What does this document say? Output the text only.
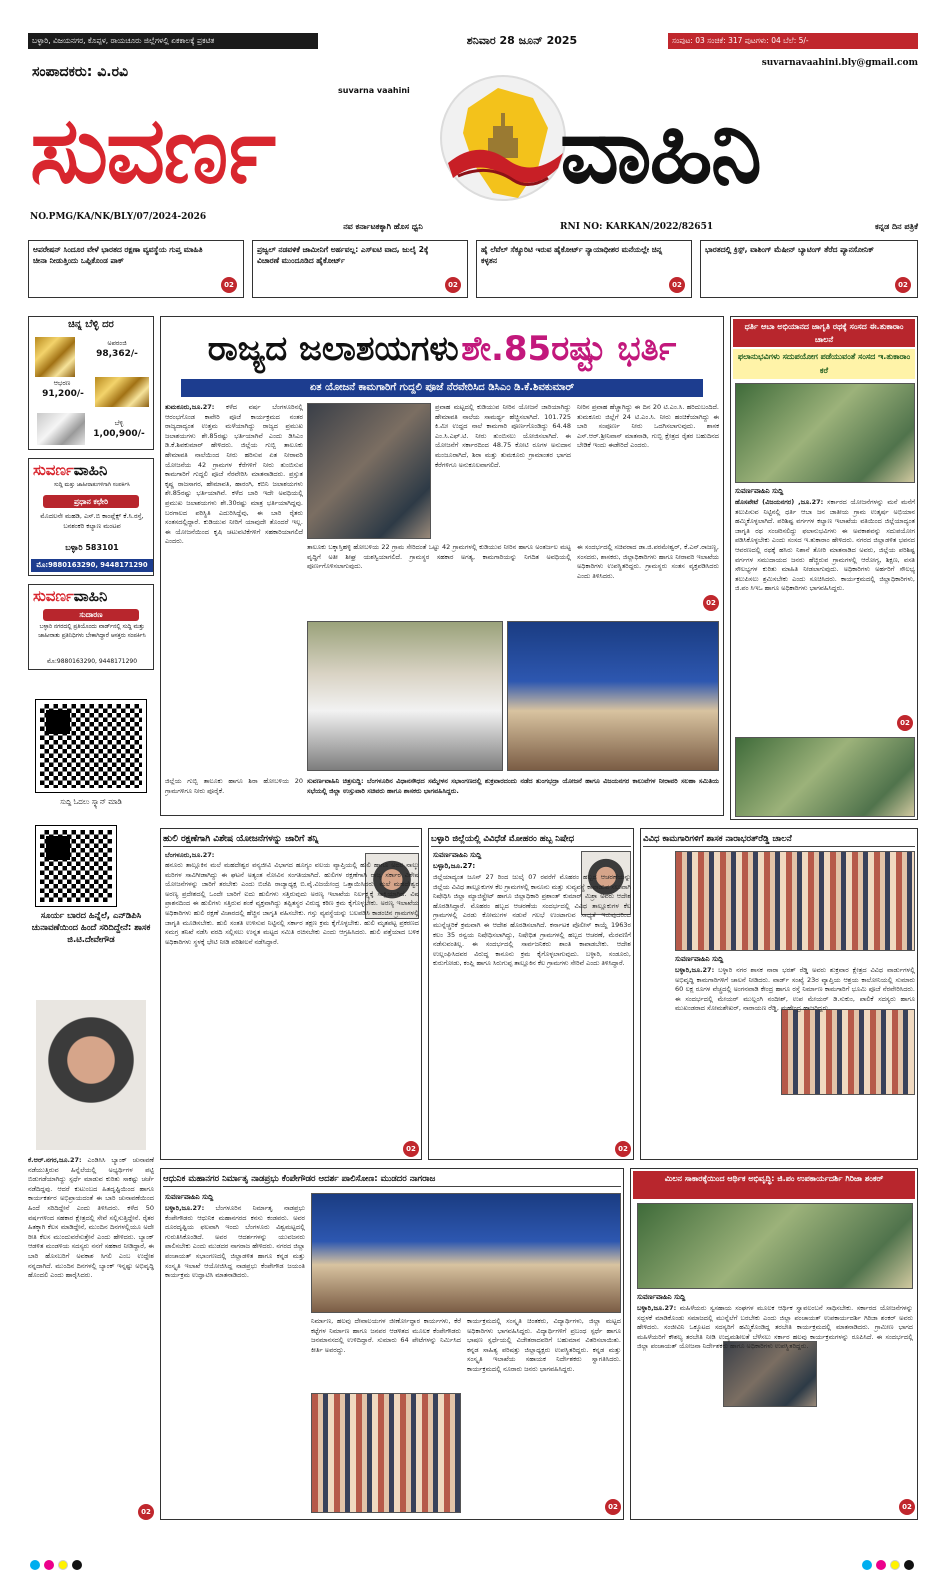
ಬಳ್ಳಾರಿ, ವಿಜಯನಗರ, ಕೊಪ್ಪಳ, ರಾಯಚೂರು ಜಿಲ್ಲೆಗಳಲ್ಲಿ ಏಕಕಾಲಕ್ಕೆ ಪ್ರಕಟಿತ	ಶನಿವಾರ 28 ಜೂನ್ 2025	ಸಂಪುಟ: 03 ಸಂಚಿಕೆ: 317 ಪುಟಗಳು: 04 ಬೆಲೆ: 5/-
suvarnavaahini.bly@gmail.com
ಸಂಪಾದಕರು: ವಿ.ರವಿ
suvarna vaahini
ಸುವರ್ಣ	ವಾಹಿನಿ
NO.PMG/KA/NK/BLY/07/2024-2026
ನವ ಕರ್ನಾಟಕಕ್ಕಾಗಿ ಹೊಸ ಧ್ವನಿ	RNI NO: KARKAN/2022/82651	ಕನ್ನಡ ದಿನ ಪತ್ರಿಕೆ
ಆಪರೇಷನ್ ಸಿಂದೂರ ವೇಳೆ ಭಾರತದ ರಕ್ಷಣಾ ವ್ಯವಸ್ಥೆಯ ಗುಪ್ತ ಮಾಹಿತಿ ಚೀನಾ ನೀಡುತ್ತಿಂದು ಒಪ್ಪಿಕೊಂಡ ಪಾಕ್
02
ಪ್ರಜ್ವಲ್ ನಡವಳಿಕೆ ಜಾಮೀನಿಗೆ ಅರ್ಹವಲ್ಲ: ಎಸ್‌ಐಟಿ ವಾದ, ಜುಲೈ 2ಕ್ಕೆ ವಿಚಾರಣೆ ಮುಂದೂಡಿದ ಹೈಕೋರ್ಟ್
02
ಹೈ ಲೆವೆಲ್ ಸೆಕ್ಯೂರಿಟಿ ಇರುವ ಹೈಕೋರ್ಟ್ ನ್ಯಾಯಾಧೀಶರ ಮನೆಯಲ್ಲೇ ಚಿನ್ನ ಕಳ್ಳತನ
02
ಭಾರತದಲ್ಲಿ ಕ್ರಿಸ್ಪ್, ವಾಶಿಂಗ್ ಮೆಷೀನ್ ಬ್ಯಾಟಿಂಗ್ ತೆರೆದ ಪ್ಯಾನಸೋನಿಕ್
02
ಚಿನ್ನ ಬೆಳ್ಳಿ ದರ
ಅಪರಂಜಿ
98,362/-
ಆಭರಣ
91,200/-
ಬೆಳ್ಳಿ
1,00,900/-
ಸುವರ್ಣವಾಹಿನಿ
ಸುದ್ದಿ ಮತ್ತು ಜಾಹೀರಾತುಗಳಿಗಾಗಿ ಸಂಪರ್ಕಿಸಿ
ಪ್ರಧಾನ ಕಛೇರಿ
ಮೊದಲನೇ ಮಹಡಿ, ಎಸ್.ಬಿ ಕಾಂಪ್ಲೆಕ್ಸ್ ಕೆ.ಸಿ.ರಸ್ತೆ, ಬನಶಂಕರಿ ಕಲ್ಯಾಣ ಮಂಟಪ
ಬಳ್ಳಾರಿ 583101
ಮೊ:9880163290, 9448171290
ಸುವರ್ಣವಾಹಿನಿ
ಸುದಾರಣ
ಬಳ್ಳಾರಿ ನಗರದಲ್ಲಿ ಪ್ರತಿಯೊಂದು ವಾರ್ಡ್‌ನಲ್ಲಿ ಸುದ್ದಿ ಮತ್ತು ಜಾಹೀರಾತು ಪ್ರತಿನಿಧಿಗಳು ಬೇಕಾಗಿದ್ದಾರೆ ಆಸಕ್ತರು ಸಂಪರ್ಕಿಸಿ
ಮೊ:9880163290, 9448171290
ಸುದ್ದಿ ಓದಲು ಸ್ಕ್ಯಾನ್ ಮಾಡಿ
ಸೂರ್ಯ ಬಾರದ ಹಿನ್ನೆಲೆ, ಎನ್‌ಡಿಪಿಸಿ ಚುನಾವಣೆಯಿಂದ ಹಿಂದೆ ಸರಿದಿದ್ದೇನೆ: ಶಾಸಕ ಜಿ.ಟಿ.ದೇವೇಗೌಡ
ಕೆ.ಆರ್.ನಗರ,ಜೂ.27: ಎಂಡಿಸಿಸಿ ಬ್ಯಾಂಕ್ ಚುನಾವಣೆ ನಡೆಯುತ್ತಿರುವ ಹಿನ್ನೆಲೆಯಲ್ಲಿ ಅಭ್ಯರ್ಥಿಗಳ ಪಟ್ಟಿ ಬಿಡುಗಡೆಯಾಗಿದ್ದು ಸ್ಪರ್ಧೆ ಮಾಡುವ ಕುರಿತು ಸಾಕಷ್ಟು ಚರ್ಚೆ ನಡೆದಿದ್ದವು. ಆದರೆ ಕುಟುಂಬದ ಹಿತದೃಷ್ಟಿಯಿಂದ ಹಾಗೂ ಕಾರ್ಯಕರ್ತರ ಅಭಿಪ್ರಾಯದಂತೆ ಈ ಬಾರಿ ಚುನಾವಣೆಯಿಂದ ಹಿಂದೆ ಸರಿದಿದ್ದೇನೆ ಎಂದು ತಿಳಿಸಿದರು. ಕಳೆದ 50 ವರ್ಷಗಳಿಂದ ಸಹಕಾರ ಕ್ಷೇತ್ರದಲ್ಲಿ ಸೇವೆ ಸಲ್ಲಿಸುತ್ತಿದ್ದೇನೆ. ರೈತರ ಹಿತಕ್ಕಾಗಿ ಕೆಲಸ ಮಾಡಿದ್ದೇನೆ, ಮುಂದಿನ ದಿನಗಳಲ್ಲಿಯೂ ಅದೇ ರೀತಿ ಕೆಲಸ ಮುಂದುವರೆಸುತ್ತೇನೆ ಎಂದು ಹೇಳಿದರು. ಬ್ಯಾಂಕ್ ಆಡಳಿತ ಮಂಡಳಿಯ ಸದಸ್ಯರು ನನಗೆ ಸಹಕಾರ ನೀಡಿದ್ದಾರೆ, ಈ ಬಾರಿ ಹೊಸಬರಿಗೆ ಅವಕಾಶ ಸಿಗಲಿ ಎಂಬ ಉದ್ದೇಶ ನನ್ನದಾಗಿದೆ. ಮುಂದಿನ ದಿನಗಳಲ್ಲಿ ಬ್ಯಾಂಕ್ ಇನ್ನಷ್ಟು ಅಭಿವೃದ್ಧಿ ಹೊಂದಲಿ ಎಂದು ಹಾರೈಸಿದರು.
02
ರಾಜ್ಯದ ಜಲಾಶಯಗಳು ಶೇ.85ರಷ್ಟು ಭರ್ತಿ
ಏತ ಯೋಜನೆ ಕಾಮಗಾರಿಗೆ ಗುದ್ದಲಿ ಪೂಜೆ ನೆರವೇರಿಸಿದ ಡಿಸಿಎಂ ಡಿ.ಕೆ.ಶಿವಕುಮಾರ್
ತುಮಕೂರು,ಜೂ.27: ಕಳೆದ ವರ್ಷ ಬೆಂಗಳೂರಿನಲ್ಲಿ ಆರಂಭಗೊಂಡ ಕಾವೇರಿ ಪೂಜೆ ಕಾರ್ಯಕ್ರಮದ ನಂತರ ರಾಜ್ಯದಾದ್ಯಂತ ಉತ್ತಮ ಮಳೆಯಾಗಿದ್ದು ರಾಜ್ಯದ ಪ್ರಮುಖ ಜಲಾಶಯಗಳು ಶೇ.85ರಷ್ಟು ಭರ್ತಿಯಾಗಿವೆ ಎಂದು ಡಿಸಿಎಂ ಡಿ.ಕೆ.ಶಿವಕುಮಾರ್ ಹೇಳಿದರು. ಜಿಲ್ಲೆಯ ಗುಬ್ಬಿ ತಾಲೂಕು ಹೇಮಾವತಿ ನಾಲೆಯಿಂದ ನೀರು ಹರಿಸುವ ಏತ ನೀರಾವರಿ ಯೋಜನೆಯ 42 ಗ್ರಾಮಗಳ ಕೆರೆಗಳಿಗೆ ನೀರು ತುಂಬಿಸುವ ಕಾಮಗಾರಿಗೆ ಗುದ್ದಲಿ ಪೂಜೆ ನೆರವೇರಿಸಿ ಮಾತನಾಡಿದರು. ಪ್ರಸ್ತುತ ಕೃಷ್ಣ ರಾಜಸಾಗರ, ಹೇಮಾವತಿ, ಹಾರಂಗಿ, ಕಬಿನಿ ಜಲಾಶಯಗಳು ಶೇ.85ರಷ್ಟು ಭರ್ತಿಯಾಗಿವೆ. ಕಳೆದ ಬಾರಿ ಇದೇ ಅವಧಿಯಲ್ಲಿ ಪ್ರಮುಖ ಜಲಾಶಯಗಳು ಶೇ.30ರಷ್ಟು ಮಾತ್ರ ಭರ್ತಿಯಾಗಿದ್ದವು. ಬರಗಾಲದ ಪರಿಸ್ಥಿತಿ ಎದುರಿಸಿದ್ದೆವು, ಈ ಬಾರಿ ರೈತರು ಸಂತಸದಲ್ಲಿದ್ದಾರೆ. ಕುಡಿಯುವ ನೀರಿಗೆ ಯಾವುದೇ ತೊಂದರೆ ಇಲ್ಲ. ಈ ಯೋಜನೆಯಿಂದ ಕೃಷಿ ಚಟುವಟಿಕೆಗಳಿಗೆ ಸಹಕಾರಿಯಾಗಲಿದೆ ಎಂದರು.
ಪ್ರವಾಹ ಮಟ್ಟದಲ್ಲಿ ಕುಡಿಯುವ ನೀರಿನ ಯೋಜನೆ ಜಾರಿಯಾಗಿದ್ದು ಹೇಮಾವತಿ ನಾಲೆಯ ಸಾಮರ್ಥ್ಯ ಹೆಚ್ಚಿಸಲಾಗಿದೆ. 101.725 ಕಿ.ಮೀ ಉದ್ದದ ನಾಲೆ ಕಾಮಗಾರಿ ಪೂರ್ಣಗೊಂಡಿದ್ದು 64.48 ಎಂ.ಸಿ.ಎಫ್.ಟಿ. ನೀರು ತುಂಬಿಸಲು ಯೋಜಿಸಲಾಗಿದೆ. ಈ ಯೋಜನೆಗೆ ಸರ್ಕಾರದಿಂದ 48.75 ಕೋಟಿ ರೂಗಳ ಅನುದಾನ ಮಂಜೂರಾಗಿದೆ, ಶಿರಾ ಮತ್ತು ತುಮಕೂರು ಗ್ರಾಮಾಂತರ ಭಾಗದ ಕೆರೆಗಳಿಗೂ ಅನುಕೂಲವಾಗಲಿದೆ.
ನೀರಿನ ಪ್ರವಾಹ ಹೆಚ್ಚಾಗಿದ್ದು ಈ ದಿನ 20 ಟಿ.ಎಂ.ಸಿ. ಹರಿದುಬಂದಿದೆ. ತುಮಕೂರು ಜಿಲ್ಲೆಗೆ 24 ಟಿ.ಎಂ.ಸಿ. ನೀರು ಹಂಚಿಕೆಯಾಗಿದ್ದು ಈ ಬಾರಿ ಸಂಪೂರ್ಣ ನೀರು ಒದಗಿಸಲಾಗುವುದು. ಶಾಸಕ ಎಸ್.ಆರ್.ಶ್ರೀನಿವಾಸ್ ಮಾತನಾಡಿ, ಗುಬ್ಬಿ ಕ್ಷೇತ್ರದ ರೈತರ ಬಹುದಿನದ ಬೇಡಿಕೆ ಇಂದು ಈಡೇರಿದೆ ಎಂದರು.
ತಾಲೂಕು ಬಕ್ಕಾಸ್ತಿಹಳ್ಳಿ ಹೋಬಳಿಯ 22 ಗ್ರಾಮ ಸೇರಿದಂತೆ ಒಟ್ಟು 42 ಗ್ರಾಮಗಳಲ್ಲಿ ಕುಡಿಯುವ ನೀರಿನ ಹಾಗೂ ಅಂತರ್ಜಲ ಮಟ್ಟ ವೃದ್ಧಿಗೆ ಅತೀ ಶೀಘ್ರ ಯಶಸ್ವಿಯಾಗಲಿದೆ. ಗ್ರಾಮಸ್ಥರ ಸಹಕಾರ ಅಗತ್ಯ, ಕಾಮಗಾರಿಯನ್ನು ನಿಗದಿತ ಅವಧಿಯಲ್ಲಿ ಪೂರ್ಣಗೊಳಿಸಲಾಗುವುದು.
ಈ ಸಂದರ್ಭದಲ್ಲಿ ಸಚಿವರಾದ ಡಾ.ಜಿ.ಪರಮೇಶ್ವರ್, ಕೆ.ಎನ್.ರಾಜಣ್ಣ, ಸಂಸದರು, ಶಾಸಕರು, ಜಿಲ್ಲಾಧಿಕಾರಿಗಳು ಹಾಗೂ ನೀರಾವರಿ ಇಲಾಖೆಯ ಅಧಿಕಾರಿಗಳು ಉಪಸ್ಥಿತರಿದ್ದರು. ಗ್ರಾಮಸ್ಥರು ಸಂತಸ ವ್ಯಕ್ತಪಡಿಸಿದರು ಎಂದು ತಿಳಿಸಿದರು.
02
ಜಿಲ್ಲೆಯ ಗುಬ್ಬಿ ತಾಲೂಕು ಹಾಗೂ ಶಿರಾ ಹೋಬಳಿಯ 20 ಗ್ರಾಮಗಳಿಗೂ ನೀರು ಪೂರೈಕೆ.
ಸುವರ್ಣವಾಹಿನಿ ಚಿತ್ರಸುದ್ದಿ: ಬೆಂಗಳೂರಿನ ವಿಧಾನಸೌಧದ ಸಮ್ಮೇಳನ ಸಭಾಂಗಣದಲ್ಲಿ ಶುಕ್ರವಾರದಂದು ನಡೆದ ತುಂಗಭದ್ರಾ ಯೋಜನೆ ಹಾಗೂ ವಿಜಯನಗರ ಕಾಲುವೆಗಳ ನೀರಾವರಿ ಸಲಹಾ ಸಮಿತಿಯ ಸಭೆಯಲ್ಲಿ ಜಿಲ್ಲಾ ಉಸ್ತುವಾರಿ ಸಚಿವರು ಹಾಗೂ ಶಾಸಕರು ಭಾಗವಹಿಸಿದ್ದರು.
ಧರ್ತಿ ಆಬಾ ಅಭಿಯಾನದ ಜಾಗೃತಿ ರಥಕ್ಕೆ ಸಂಸದ ಈ.ತುಕಾರಾಂ ಚಾಲನೆ
ಫಲಾನುಭವಿಗಳು ಸದುಪಯೋಗ ಪಡೆಯುವಂತೆ ಸಂಸದ ಇ.ತುಕಾರಾಂ ಕರೆ
ಸುವರ್ಣವಾಹಿನಿ ಸುದ್ದಿ
ಹೊಸಪೇಟೆ (ವಿಜಯನಗರ) ,ಜೂ.27: ಸರ್ಕಾರದ ಯೋಜನೆಗಳನ್ನು ಮನೆ ಮನೆಗೆ ತಲುಪಿಸುವ ನಿಟ್ಟಿನಲ್ಲಿ ಧರ್ತಿ ಆಬಾ ಜನ ಜಾತೀಯ ಗ್ರಾಮ ಉತ್ಕರ್ಷ ಅಭಿಯಾನ ಹಮ್ಮಿಕೊಳ್ಳಲಾಗಿದೆ. ಪರಿಶಿಷ್ಟ ವರ್ಗಗಳ ಕಲ್ಯಾಣ ಇಲಾಖೆಯ ವತಿಯಿಂದ ಜಿಲ್ಲೆಯಾದ್ಯಂತ ಜಾಗೃತಿ ರಥ ಸಂಚರಿಸಲಿದ್ದು ಫಲಾನುಭವಿಗಳು ಈ ಅವಕಾಶವನ್ನು ಸದುಪಯೋಗ ಪಡಿಸಿಕೊಳ್ಳಬೇಕು ಎಂದು ಸಂಸದ ಇ.ತುಕಾರಾಂ ಹೇಳಿದರು. ನಗರದ ಜಿಲ್ಲಾಡಳಿತ ಭವನದ ಆವರಣದಲ್ಲಿ ರಥಕ್ಕೆ ಹಸಿರು ನಿಶಾನೆ ತೋರಿ ಮಾತನಾಡಿದ ಅವರು, ಜಿಲ್ಲೆಯ ಪರಿಶಿಷ್ಟ ವರ್ಗಗಳ ಸಮುದಾಯದ ಜನರು ಹೆಚ್ಚಿರುವ ಗ್ರಾಮಗಳಲ್ಲಿ ಆರೋಗ್ಯ, ಶಿಕ್ಷಣ, ವಸತಿ ಸೌಲಭ್ಯಗಳ ಕುರಿತು ಮಾಹಿತಿ ನೀಡಲಾಗುವುದು. ಅಧಿಕಾರಿಗಳು ಅರ್ಹರಿಗೆ ಸೌಲಭ್ಯ ತಲುಪಿಸಲು ಶ್ರಮಿಸಬೇಕು ಎಂದು ಸೂಚಿಸಿದರು. ಕಾರ್ಯಕ್ರಮದಲ್ಲಿ ಜಿಲ್ಲಾಧಿಕಾರಿಗಳು, ಜಿ.ಪಂ ಸಿಇಒ ಹಾಗೂ ಅಧಿಕಾರಿಗಳು ಭಾಗವಹಿಸಿದ್ದರು.
02
ಹುಲಿ ರಕ್ಷಣೆಗಾಗಿ ವಿಶೇಷ ಯೋಜನೆಗಳನ್ನು ಜಾರಿಗೆ ತನ್ನಿ
ಬೆಂಗಳೂರು,ಜೂ.27:
ಹನೂರು ತಾಲ್ಲೂಕಿನ ಮಲೆ ಮಹದೇಶ್ವರ ವನ್ಯಜೀವಿ ವಿಭಾಗದ ಹೂಗ್ಯಂ ವಲಯ ವ್ಯಾಪ್ತಿಯಲ್ಲಿ ಹುಲಿ ಹಾಗೂ ಅದರ ನಾಲ್ಕು ಮರಿಗಳ ಸಾವಿಗೀಡಾಗಿದ್ದು ಈ ಘಟನೆ ಅತ್ಯಂತ ನೋವಿನ ಸಂಗತಿಯಾಗಿದೆ. ಹುಲಿಗಳ ರಕ್ಷಣೆಗಾಗಿ ರಾಜ್ಯ ಸರ್ಕಾರ ವಿಶೇಷ ಯೋಜನೆಗಳನ್ನು ಜಾರಿಗೆ ತರಬೇಕು ಎಂದು ಬಿಜೆಪಿ ರಾಜ್ಯಾಧ್ಯಕ್ಷ ಬಿ.ವೈ.ವಿಜಯೇಂದ್ರ ಒತ್ತಾಯಿಸಿದರು. ಮಲೆ ಮಹದೇಶ್ವರ ಅರಣ್ಯ ಪ್ರದೇಶದಲ್ಲಿ ಒಂದೇ ಬಾರಿಗೆ ಐದು ಹುಲಿಗಳು ಸತ್ತಿರುವುದು ಅರಣ್ಯ ಇಲಾಖೆಯ ನಿರ್ಲಕ್ಷ್ಯಕ್ಕೆ ಸಾಕ್ಷಿಯಾಗಿದೆ. ವಿಷ ಪ್ರಾಶನದಿಂದ ಈ ಹುಲಿಗಳು ಸತ್ತಿರುವ ಶಂಕೆ ವ್ಯಕ್ತವಾಗಿದ್ದು ತಪ್ಪಿತಸ್ಥರ ವಿರುದ್ಧ ಕಠಿಣ ಕ್ರಮ ಕೈಗೊಳ್ಳಬೇಕು. ಅರಣ್ಯ ಇಲಾಖೆಯ ಅಧಿಕಾರಿಗಳು ಹುಲಿ ರಕ್ಷಣೆ ವಿಚಾರದಲ್ಲಿ ಹೆಚ್ಚಿನ ಜಾಗೃತಿ ವಹಿಸಬೇಕು. ಗಸ್ತು ವ್ಯವಸ್ಥೆಯನ್ನು ಬಲಪಡಿಸಿ ಕಾಡಂಚಿನ ಗ್ರಾಮಗಳಲ್ಲಿ ಜಾಗೃತಿ ಮೂಡಿಸಬೇಕು. ಹುಲಿ ಸಂತತಿ ಉಳಿಸುವ ನಿಟ್ಟಿನಲ್ಲಿ ಸರ್ಕಾರ ತಕ್ಷಣ ಕ್ರಮ ಕೈಗೊಳ್ಳಬೇಕು. ಹುಲಿ ಮೃತಪಟ್ಟ ಪ್ರಕರಣದ ಸಮಗ್ರ ತನಿಖೆ ನಡೆಸಿ ವರದಿ ಸಲ್ಲಿಸಲು ಉನ್ನತ ಮಟ್ಟದ ಸಮಿತಿ ರಚಿಸಬೇಕು ಎಂದು ಆಗ್ರಹಿಸಿದರು. ಹುಲಿ ಪತ್ತೆಯಾದ ಬಳಿಕ ಅಧಿಕಾರಿಗಳು ಸ್ಥಳಕ್ಕೆ ಭೇಟಿ ನೀಡಿ ಪರಿಶೀಲನೆ ನಡೆಸಿದ್ದಾರೆ.
02
ಬಳ್ಳಾರಿ ಜಿಲ್ಲೆಯಲ್ಲಿ ವಿವಿಧೆಡೆ ಮೋಹರಂ ಹಬ್ಬ ನಿಷೇಧ
ಸುವರ್ಣವಾಹಿನಿ ಸುದ್ದಿ
ಬಳ್ಳಾರಿ,ಜೂ.27:
ಜಿಲ್ಲೆಯಾದ್ಯಂತ ಜೂನ್ 27 ರಿಂದ ಜುಲೈ 07 ರವರೆಗೆ ಮೊಹರಂ ಹಬ್ಬದ ಆಚರಣೆಯನ್ನು ಜಿಲ್ಲೆಯ ವಿವಿಧ ತಾಲ್ಲೂಕುಗಳ ಕೆಲ ಗ್ರಾಮಗಳಲ್ಲಿ ಕಾನೂನು ಮತ್ತು ಸುವ್ಯವಸ್ಥೆ ಕಾಪಾಡುವ ಸಲುವಾಗಿ ನಿಷೇಧಿಸಿ ಜಿಲ್ಲಾ ಮ್ಯಾಜಿಸ್ಟ್ರೇಟ್ ಹಾಗೂ ಜಿಲ್ಲಾಧಿಕಾರಿ ಪ್ರಶಾಂತ್ ಕುಮಾರ್ ಮಿಶ್ರಾ ಅವರು ಆದೇಶ ಹೊರಡಿಸಿದ್ದಾರೆ. ಮೊಹರಂ ಹಬ್ಬದ ಆಚರಣೆಯ ಸಂದರ್ಭದಲ್ಲಿ ವಿವಿಧ ತಾಲ್ಲೂಕುಗಳ ಕೆಲ ಗ್ರಾಮಗಳಲ್ಲಿ ಎರಡು ಕೋಮುಗಳ ನಡುವೆ ಗಲಭೆ ಉಂಟಾಗುವ ಸಾಧ್ಯತೆ ಇರುವುದರಿಂದ ಮುನ್ನೆಚ್ಚರಿಕೆ ಕ್ರಮವಾಗಿ ಈ ಆದೇಶ ಹೊರಡಿಸಲಾಗಿದೆ. ಕರ್ನಾಟಕ ಪೊಲೀಸ್ ಕಾಯ್ದೆ 1963ರ ಕಲಂ 35 ರನ್ವಯ ನಿಷೇಧಿಸಲಾಗಿದ್ದು, ನಿಷೇಧಿತ ಗ್ರಾಮಗಳಲ್ಲಿ ಹಬ್ಬದ ಆಚರಣೆ, ಮೆರವಣಿಗೆ ನಡೆಸುವಂತಿಲ್ಲ. ಈ ಸಂದರ್ಭದಲ್ಲಿ ಸಾರ್ವಜನಿಕರು ಶಾಂತಿ ಕಾಪಾಡಬೇಕು. ಆದೇಶ ಉಲ್ಲಂಘಿಸಿದವರ ವಿರುದ್ಧ ಕಾನೂನು ಕ್ರಮ ಕೈಗೊಳ್ಳಲಾಗುವುದು. ಬಳ್ಳಾರಿ, ಸಂಡೂರು, ಕುರುಗೋಡು, ಕಂಪ್ಲಿ ಹಾಗೂ ಸಿರುಗುಪ್ಪ ತಾಲ್ಲೂಕಿನ ಕೆಲ ಗ್ರಾಮಗಳು ಸೇರಿವೆ ಎಂದು ತಿಳಿಸಿದ್ದಾರೆ.
02
ವಿವಿಧ ಕಾಮಗಾರಿಗಳಿಗೆ ಶಾಸಕ ನಾರಾಭರತ್‌ರೆಡ್ಡಿ ಚಾಲನೆ
ಸುವರ್ಣವಾಹಿನಿ ಸುದ್ದಿ
ಬಳ್ಳಾರಿ,ಜೂ.27: ಬಳ್ಳಾರಿ ನಗರ ಶಾಸಕ ನಾರಾ ಭರತ್ ರೆಡ್ಡಿ ಅವರು ಶುಕ್ರವಾರ ಕ್ಷೇತ್ರದ ವಿವಿಧ ವಾರ್ಡುಗಳಲ್ಲಿ ಅಭಿವೃದ್ಧಿ ಕಾಮಗಾರಿಗಳಿಗೆ ಚಾಲನೆ ನೀಡಿದರು. ವಾರ್ಡ್ ಸಂಖ್ಯೆ 23ರ ವ್ಯಾಪ್ತಿಯ ಆಶ್ರಯ ಕಾಲೋನಿಯಲ್ಲಿ ಸುಮಾರು 60 ಲಕ್ಷ ರೂಗಳ ವೆಚ್ಚದಲ್ಲಿ ಅಂಗನವಾಡಿ ಕೇಂದ್ರ ಹಾಗೂ ರಸ್ತೆ ನಿರ್ಮಾಣ ಕಾಮಗಾರಿಗೆ ಭೂಮಿ ಪೂಜೆ ನೆರವೇರಿಸಿದರು. ಈ ಸಂದರ್ಭದಲ್ಲಿ ಮೇಯರ್ ಮುಲ್ಲಂಗಿ ನಂದೀಶ್, ಉಪ ಮೇಯರ್ ಡಿ.ಸುಕುಂ, ಪಾಲಿಕೆ ಸದಸ್ಯರು ಹಾಗೂ ಮುಖಂಡರಾದ ಸೋಮಶೇಖರ್, ನಾರಾಯಣ ರೆಡ್ಡಿ, ಮಹೇಂದ್ರ ಹಾಜರಿದ್ದರು.
ಆಧುನಿಕ ಮಹಾನಗರ ನಿರ್ಮಾತೃ ನಾಡಪ್ರಭು ಕೆಂಪೇಗೌಡರ ಆದರ್ಶ ಪಾಲಿಸೋಣ: ಮುಡದರ ನಾಗರಾಜ
ಸುವರ್ಣವಾಹಿನಿ ಸುದ್ದಿ
ಬಳ್ಳಾರಿ,ಜೂ.27: ಬೆಂಗಳೂರಿನ ನಿರ್ಮಾತೃ ನಾಡಪ್ರಭು ಕೆಂಪೇಗೌಡರು ಆಧುನಿಕ ಮಹಾನಗರದ ಕನಸು ಕಂಡವರು. ಅವರ ದೂರದೃಷ್ಟಿಯ ಫಲವಾಗಿ ಇಂದು ಬೆಂಗಳೂರು ವಿಶ್ವಮಟ್ಟದಲ್ಲಿ ಗುರುತಿಸಿಕೊಂಡಿದೆ. ಅವರ ಆದರ್ಶಗಳನ್ನು ಯುವಜನರು ಪಾಲಿಸಬೇಕು ಎಂದು ಮುಡದರ ನಾಗರಾಜ ಹೇಳಿದರು. ನಗರದ ಜಿಲ್ಲಾ ಪಂಚಾಯತ್ ಸಭಾಂಗಣದಲ್ಲಿ ಜಿಲ್ಲಾಡಳಿತ ಹಾಗೂ ಕನ್ನಡ ಮತ್ತು ಸಂಸ್ಕೃತಿ ಇಲಾಖೆ ಆಯೋಜಿಸಿದ್ದ ನಾಡಪ್ರಭು ಕೆಂಪೇಗೌಡ ಜಯಂತಿ ಕಾರ್ಯಕ್ರಮ ಉದ್ಘಾಟಿಸಿ ಮಾತನಾಡಿದರು.
ನಿರ್ಮಾಣ, ಹಲವು ದೇವಾಲಯಗಳ ಜೀರ್ಣೋದ್ಧಾರ ಕಾರ್ಯಗಳು, ಕೆರೆ ಕಟ್ಟೆಗಳ ನಿರ್ಮಾಣ ಹಾಗೂ ಜನಪರ ಆಡಳಿತದ ಮೂಲಕ ಕೆಂಪೇಗೌಡರು ಜನಮಾನಸದಲ್ಲಿ ಉಳಿದಿದ್ದಾರೆ. ಸುಮಾರು 64 ಪೇಟೆಗಳನ್ನು ನಿರ್ಮಿಸಿದ ಕೀರ್ತಿ ಅವರದ್ದು.
ಕಾರ್ಯಕ್ರಮದಲ್ಲಿ ಸಂಸ್ಕೃತಿ ಚಿಂತಕರು, ವಿದ್ಯಾರ್ಥಿಗಳು, ಜಿಲ್ಲಾ ಮಟ್ಟದ ಅಧಿಕಾರಿಗಳು ಭಾಗವಹಿಸಿದ್ದರು. ವಿದ್ಯಾರ್ಥಿಗಳಿಗೆ ಪ್ರಬಂಧ ಸ್ಪರ್ಧೆ ಹಾಗೂ ಭಾಷಣ ಸ್ಪರ್ಧೆಯಲ್ಲಿ ವಿಜೇತರಾದವರಿಗೆ ಬಹುಮಾನ ವಿತರಿಸಲಾಯಿತು. ಕನ್ನಡ ಸಾಹಿತ್ಯ ಪರಿಷತ್ತು ಜಿಲ್ಲಾಧ್ಯಕ್ಷರು ಉಪಸ್ಥಿತರಿದ್ದರು. ಕನ್ನಡ ಮತ್ತು ಸಂಸ್ಕೃತಿ ಇಲಾಖೆಯ ಸಹಾಯಕ ನಿರ್ದೇಶಕರು ಸ್ವಾಗತಿಸಿದರು. ಕಾರ್ಯಕ್ರಮದಲ್ಲಿ ನೂರಾರು ಜನರು ಭಾಗವಹಿಸಿದ್ದರು.
02
ಮಿಲನ ಸಾಕಾರಕ್ಕೆಯಿಂದ ಆರ್ಥಿಕ ಅಭಿವೃದ್ಧಿ: ಜಿ.ಪಂ ಉಪಕಾರ್ಯದರ್ಶಿ ಗಿರಿಜಾ ಶಂಕರ್
ಸುವರ್ಣವಾಹಿನಿ ಸುದ್ದಿ
ಬಳ್ಳಾರಿ,ಜೂ.27: ಮಹಿಳೆಯರು ಸ್ವಸಹಾಯ ಸಂಘಗಳ ಮೂಲಕ ಆರ್ಥಿಕ ಸ್ವಾವಲಂಬನೆ ಸಾಧಿಸಬೇಕು. ಸರ್ಕಾರದ ಯೋಜನೆಗಳನ್ನು ಸದ್ಬಳಕೆ ಮಾಡಿಕೊಂಡು ಸಮಾಜದಲ್ಲಿ ಮುನ್ನೆಲೆಗೆ ಬರಬೇಕು ಎಂದು ಜಿಲ್ಲಾ ಪಂಚಾಯತ್ ಉಪಕಾರ್ಯದರ್ಶಿ ಗಿರಿಜಾ ಶಂಕರ್ ಅವರು ಹೇಳಿದರು. ಸಂಜೀವಿನಿ ಒಕ್ಕೂಟದ ಸದಸ್ಯರಿಗೆ ಹಮ್ಮಿಕೊಂಡಿದ್ದ ತರಬೇತಿ ಕಾರ್ಯಕ್ರಮದಲ್ಲಿ ಮಾತನಾಡಿದರು. ಗ್ರಾಮೀಣ ಭಾಗದ ಮಹಿಳೆಯರಿಗೆ ಕೌಶಲ್ಯ ತರಬೇತಿ ನೀಡಿ ಉದ್ಯಮಶೀಲತೆ ಬೆಳೆಸಲು ಸರ್ಕಾರ ಹಲವು ಕಾರ್ಯಕ್ರಮಗಳನ್ನು ರೂಪಿಸಿದೆ. ಈ ಸಂದರ್ಭದಲ್ಲಿ ಜಿಲ್ಲಾ ಪಂಚಾಯತ್ ಯೋಜನಾ ನಿರ್ದೇಶಕರು ಹಾಗೂ ಅಧಿಕಾರಿಗಳು ಉಪಸ್ಥಿತರಿದ್ದರು.
02
